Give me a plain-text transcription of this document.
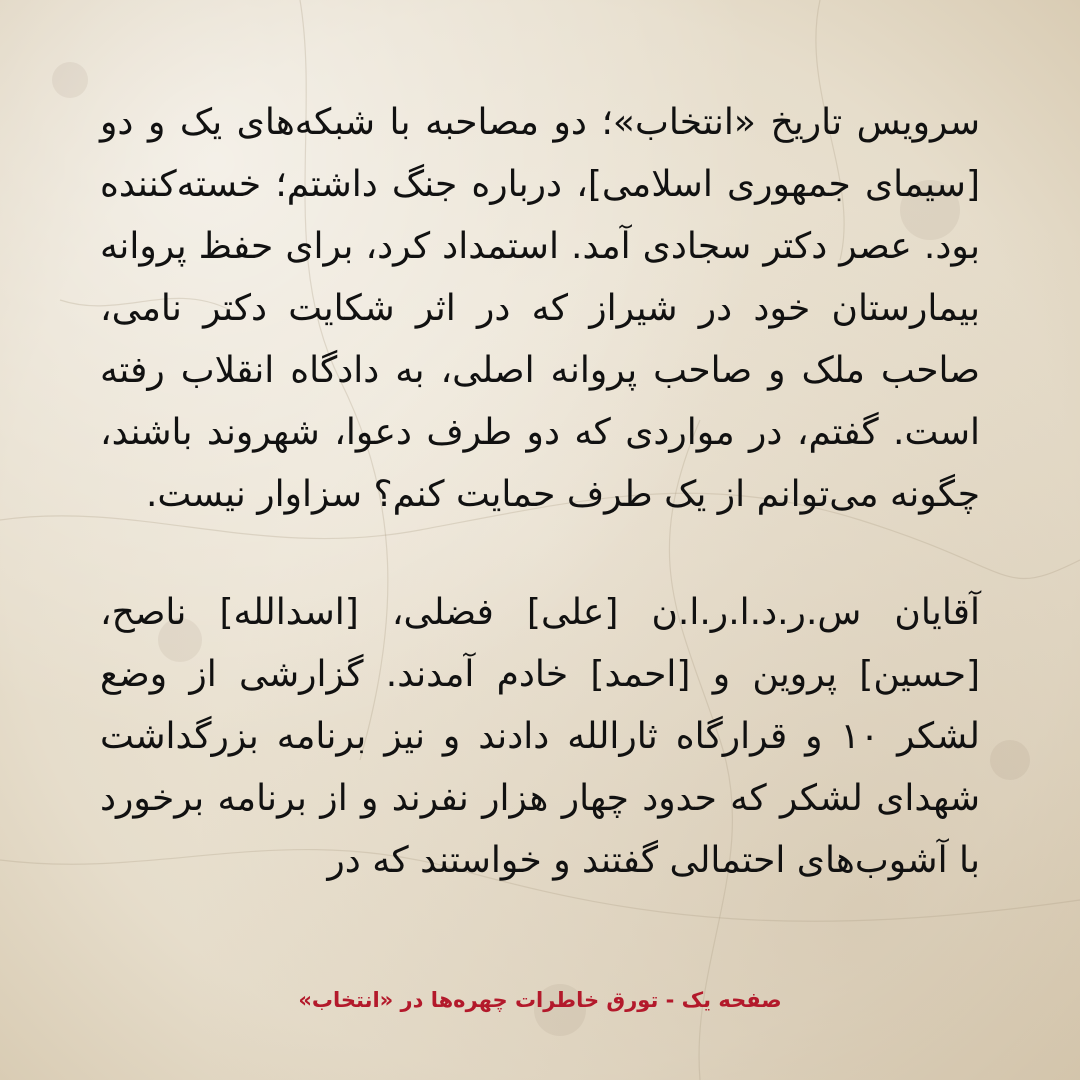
سرویس تاریخ «انتخاب»؛ دو مصاحبه با شبکه‌های یک و دو [سیمای جمهوری اسلامی]، درباره جنگ داشتم؛ خسته‌کننده بود. عصر دکتر سجادی آمد. استمداد کرد، برای حفظ پروانه بیمارستان خود در شیراز که در اثر شکایت دکتر نامی، صاحب ملک و صاحب پروانه اصلی، به دادگاه انقلاب رفته است. گفتم، در مواردی که دو طرف دعوا، شهروند باشند، چگونه می‌توانم از یک طرف حمایت کنم؟ سزاوار نیست.

آقایان س.ر.د.ا.ر.ا.ن [علی] فضلی، [اسدالله] ناصح، [حسین] پروین و [احمد] خادم آمدند. گزارشی از وضع لشکر ۱۰ و قرارگاه ثارالله دادند و نیز برنامه بزرگداشت شهدای لشکر که حدود چهار هزار نفرند و از برنامه برخورد با آشوب‌های احتمالی گفتند و خواستند که در

صفحه یک - تورق خاطرات چهره‌ها در «انتخاب»
